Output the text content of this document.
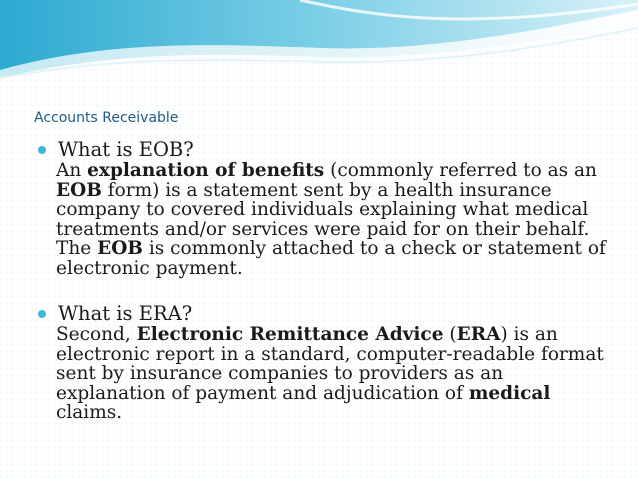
Accounts Receivable
What is EOB?
An explanation of benefits (commonly referred to as an EOB form) is a statement sent by a health insurance company to covered individuals explaining what medical treatments and/or services were paid for on their behalf. The EOB is commonly attached to a check or statement of electronic payment.
What is ERA?
Second, Electronic Remittance Advice (ERA) is an electronic report in a standard, computer-readable format sent by insurance companies to providers as an explanation of payment and adjudication of medical claims.
